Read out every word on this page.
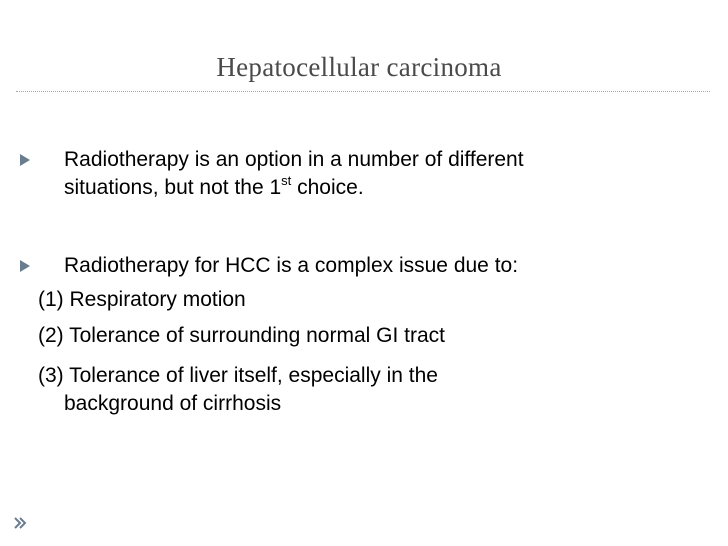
Hepatocellular carcinoma
Radiotherapy is an option in a number of different
situations, but not the 1st choice.
Radiotherapy for HCC is a complex issue due to:
(1) Respiratory motion
(2) Tolerance of surrounding normal GI tract
(3) Tolerance of liver itself, especially in the
background of cirrhosis
